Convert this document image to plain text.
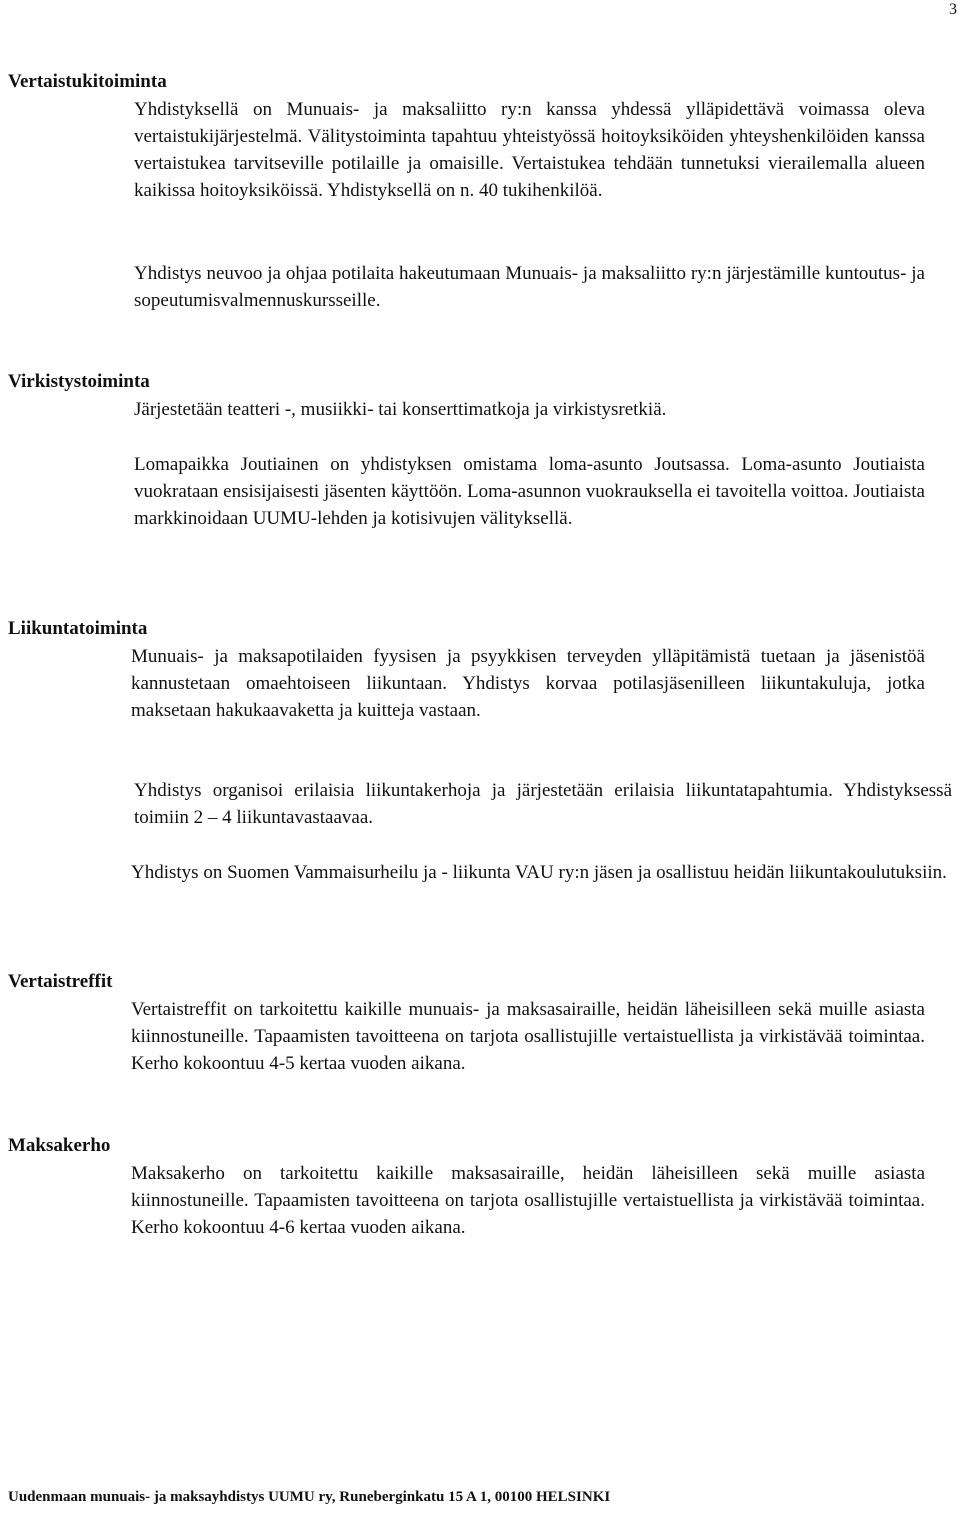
3
Vertaistukitoiminta

Yhdistyksellä on Munuais- ja maksaliitto ry:n kanssa yhdessä ylläpidettävä voimassa oleva vertaistukijärjestelmä. Välitystoiminta tapahtuu yhteistyössä hoitoyksiköiden yhteyshenkilöiden kanssa vertaistukea tarvitseville potilaille ja omaisille. Vertaistukea tehdään tunnetuksi vierailemalla alueen kaikissa hoitoyksiköissä. Yhdistyksellä on n. 40 tukihenkilöä.

Yhdistys neuvoo ja ohjaa potilaita hakeutumaan Munuais- ja maksaliitto ry:n järjestämille kuntoutus- ja sopeutumisvalmennuskursseille.

Virkistystoiminta

Järjestetään teatteri -, musiikki- tai konserttimatkoja ja virkistysretkiä.

Lomapaikka Joutiainen on yhdistyksen omistama loma-asunto Joutsassa. Loma-asunto Joutiaista vuokrataan ensisijaisesti jäsenten käyttöön. Loma-asunnon vuokrauksella ei tavoitella voittoa. Joutiaista markkinoidaan UUMU-lehden ja kotisivujen välityksellä.

Liikuntatoiminta

Munuais- ja maksapotilaiden fyysisen ja psyykkisen terveyden ylläpitämistä tuetaan ja jäsenistöä kannustetaan omaehtoiseen liikuntaan. Yhdistys korvaa potilasjäsenilleen liikuntakuluja, jotka maksetaan hakukaavaketta ja kuitteja vastaan.

Yhdistys organisoi erilaisia liikuntakerhoja ja järjestetään erilaisia liikuntatapahtumia. Yhdistyksessä toimiin 2 – 4 liikuntavastaavaa.

Yhdistys on Suomen Vammaisurheilu ja - liikunta VAU ry:n jäsen ja osallistuu heidän liikuntakoulutuksiin.

Vertaistreffit

Vertaistreffit on tarkoitettu kaikille munuais- ja maksasairaille, heidän läheisilleen sekä muille asiasta kiinnostuneille. Tapaamisten tavoitteena on tarjota osallistujille vertaistuellista ja virkistävää toimintaa. Kerho kokoontuu 4-5 kertaa vuoden aikana.

Maksakerho

Maksakerho on tarkoitettu kaikille maksasairaille, heidän läheisilleen sekä muille asiasta kiinnostuneille. Tapaamisten tavoitteena on tarjota osallistujille vertaistuellista ja virkistävää toimintaa. Kerho kokoontuu 4-6 kertaa vuoden aikana.

Uudenmaan munuais- ja maksayhdistys UUMU ry, Runeberginkatu 15 A 1, 00100 HELSINKI
